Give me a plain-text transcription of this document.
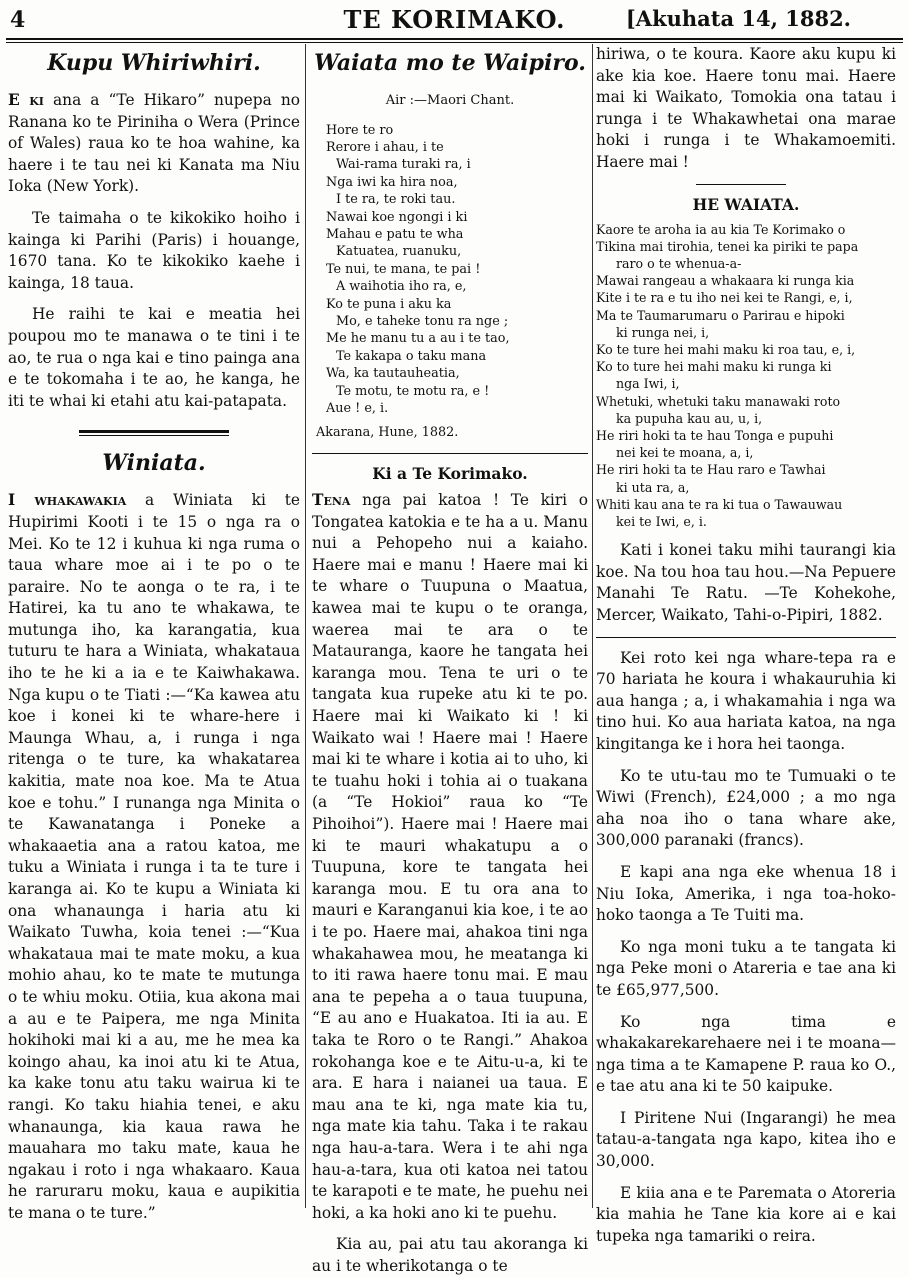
4	TE KORIMAKO.	[Akuhata 14, 1882.
Kupu Whiriwhiri.

E ki ana a “Te Hikaro” nupepa no Ranana ko te Piriniha o Wera (Prince of Wales) raua ko te hoa wahine, ka haere i te tau nei ki Kanata ma Niu Ioka (New York).

Te taimaha o te kikokiko hoiho i kainga ki Parihi (Paris) i houange, 1670 tana. Ko te kikokiko kaehe i kainga, 18 taua.

He raihi te kai e meatia hei poupou mo te manawa o te tini i te ao, te rua o nga kai e tino painga ana e te tokomaha i te ao, he kanga, he iti te whai ki etahi atu kai-patapata.

Winiata.

I whakawakia a Winiata ki te Hupirimi Kooti i te 15 o nga ra o Mei. Ko te 12 i kuhua ki nga ruma o taua whare moe ai i te po o te paraire. No te aonga o te ra, i te Hatirei, ka tu ano te whakawa, te mutunga iho, ka karangatia, kua tuturu te hara a Winiata, whakataua iho te he ki a ia e te Kaiwhakawa. Nga kupu o te Tiati :—“Ka kawea atu koe i konei ki te whare-here i Maunga Whau, a, i runga i nga ritenga o te ture, ka whakatarea kakitia, mate noa koe. Ma te Atua koe e tohu.” I runanga nga Minita o te Kawanatanga i Poneke a whakaaetia ana a ratou katoa, me tuku a Winiata i runga i ta te ture i karanga ai. Ko te kupu a Winiata ki ona whanaunga i haria atu ki Waikato Tuwha, koia tenei :—“Kua whakataua mai te mate moku, a kua mohio ahau, ko te mate te mutunga o te whiu moku. Otiia, kua akona mai a au e te Paipera, me nga Minita hokihoki mai ki a au, me he mea ka koingo ahau, ka inoi atu ki te Atua, ka kake tonu atu taku wairua ki te rangi. Ko taku hiahia tenei, e aku whanaunga, kia kaua rawa he mauahara mo taku mate, kaua he ngakau i roto i nga whakaaro. Kaua he raruraru moku, kaua e aupikitia te mana o te ture.”

Waiata mo te Waipiro.
Air :—Maori Chant.
Hore te ro
Rerore i ahau, i te
Wai-rama turaki ra, i
Nga iwi ka hira noa,
I te ra, te roki tau.
Nawai koe ngongi i ki
Mahau e patu te wha
Katuatea, ruanuku,
Te nui, te mana, te pai !
A waihotia iho ra, e,
Ko te puna i aku ka
Mo, e taheke tonu ra nge ;
Me he manu tu a au i te tao,
Te kakapa o taku mana
Wa, ka tautauheatia,
Te motu, te motu ra, e !
Aue ! e, i.
Akarana, Hune, 1882.
Ki a Te Korimako.

Tena nga pai katoa ! Te kiri o Tongatea katokia e te ha a u. Manu nui a Pehopeho nui a kaiaho. Haere mai e manu ! Haere mai ki te whare o Tuupuna o Maatua, kawea mai te kupu o te oranga, waerea mai te ara o te Matauranga, kaore he tangata hei karanga mou. Tena te uri o te tangata kua rupeke atu ki te po. Haere mai ki Waikato ki ! ki Waikato wai ! Haere mai ! Haere mai ki te whare i kotia ai to uho, ki te tuahu hoki i tohia ai o tuakana (a “Te Hokioi” raua ko “Te Pihoihoi”). Haere mai ! Haere mai ki te mauri whakatupu a o Tuupuna, kore te tangata hei karanga mou. E tu ora ana to mauri e Karanganui kia koe, i te ao i te po. Haere mai, ahakoa tini nga whakahawea mou, he meatanga ki to iti rawa haere tonu mai. E mau ana te pepeha a o taua tuupuna, “E au ano e Huakatoa. Iti ia au. E taka te Roro o te Rangi.” Ahakoa rokohanga koe e te Aitu-u-a, ki te ara. E hara i naianei ua taua. E mau ana te ki, nga mate kia tu, nga mate kia tahu. Taka i te rakau nga hau-a-tara. Wera i te ahi nga hau-a-tara, kua oti katoa nei tatou te karapoti e te mate, he puehu nei hoki, a ka hoki ano ki te puehu.

Kia au, pai atu tau akoranga ki au i te wherikotanga o te

hiriwa, o te koura. Kaore aku kupu ki ake kia koe. Haere tonu mai. Haere mai ki Waikato, Tomokia ona tatau i runga i te Whakawhetai ona marae hoki i runga i te Whakamoemiti. Haere mai !

HE WAIATA.
Kaore te aroha ia au kia Te Korimako o
Tikina mai tirohia, tenei ka piriki te papa
raro o te whenua-a-
Mawai rangeau a whakaara ki runga kia
Kite i te ra e tu iho nei kei te Rangi, e, i,
Ma te Taumarumaru o Parirau e hipoki
ki runga nei, i,
Ko te ture hei mahi maku ki roa tau, e, i,
Ko to ture hei mahi maku ki runga ki
nga Iwi, i,
Whetuki, whetuki taku manawaki roto
ka pupuha kau au, u, i,
He riri hoki ta te hau Tonga e pupuhi
nei kei te moana, a, i,
He riri hoki ta te Hau raro e Tawhai
ki uta ra, a,
Whiti kau ana te ra ki tua o Tawauwau
kei te Iwi, e, i.

Kati i konei taku mihi taurangi kia koe. Na tou hoa tau hou.—Na Pepuere Manahi Te Ratu. —Te Kohekohe, Mercer, Waikato, Tahi-o-Pipiri, 1882.

Kei roto kei nga whare-tepa ra e 70 hariata he koura i whakauruhia ki aua hanga ; a, i whakamahia i nga wa tino hui. Ko aua hariata katoa, na nga kingitanga ke i hora hei taonga.

Ko te utu-tau mo te Tumuaki o te Wiwi (French), £24,000 ; a mo nga aha noa iho o tana whare ake, 300,000 paranaki (francs).

E kapi ana nga eke whenua 18 i Niu Ioka, Amerika, i nga toa-hoko-hoko taonga a Te Tuiti ma.

Ko nga moni tuku a te tangata ki nga Peke moni o Atareria e tae ana ki te £65,977,500.

Ko nga tima e whakakarekarehaere nei i te moana—nga tima a te Kamapene P. raua ko O., e tae atu ana ki te 50 kaipuke.

I Piritene Nui (Ingarangi) he mea tatau-a-tangata nga kapo, kitea iho e 30,000.

E kiia ana e te Paremata o Atoreria kia mahia he Tane kia kore ai e kai tupeka nga tamariki o reira.
